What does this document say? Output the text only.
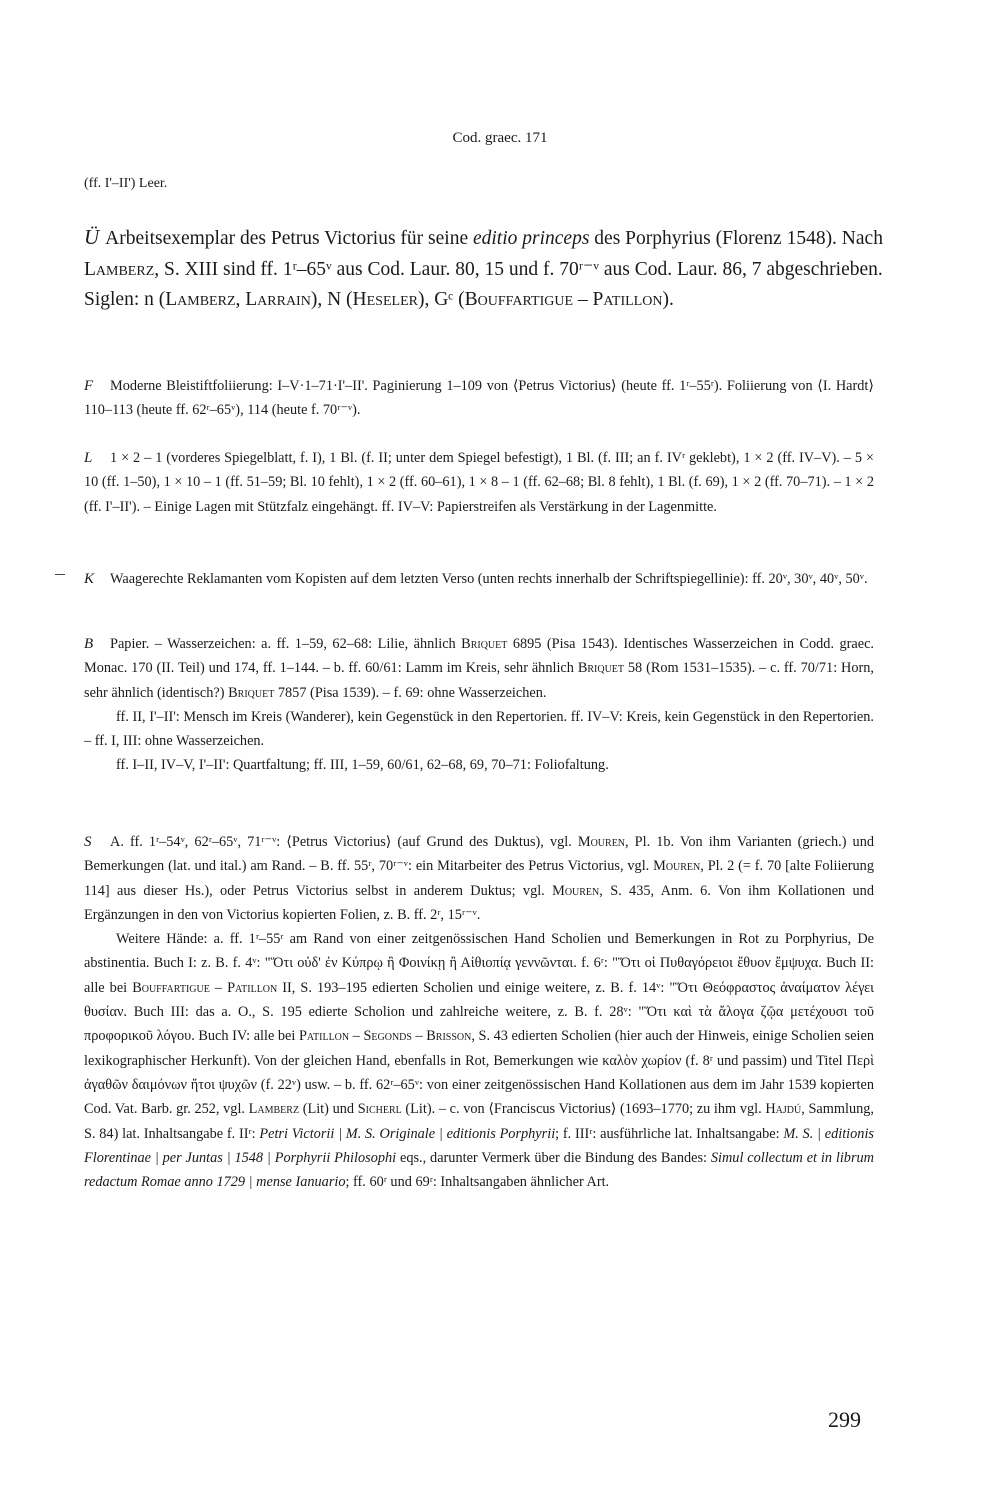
Cod. graec. 171
(ff. I'–II') Leer.

Ü Arbeitsexemplar des Petrus Victorius für seine editio princeps des Porphyrius (Florenz 1548). Nach Lamberz, S. XIII sind ff. 1ʳ–65ᵛ aus Cod. Laur. 80, 15 und f. 70ʳ⁻ᵛ aus Cod. Laur. 86, 7 abgeschrieben.

Siglen: n (Lamberz, Larrain), N (Heseler), Gᶜ (Bouffartigue – Patillon).

F Moderne Bleistiftfoliierung: I–V·1–71·I'–II'. Paginierung 1–109 von ⟨Petrus Victorius⟩ (heute ff. 1ʳ–55ʳ). Foliierung von ⟨I. Hardt⟩ 110–113 (heute ff. 62ʳ–65ᵛ), 114 (heute f. 70ʳ⁻ᵛ).

L 1 × 2 – 1 (vorderes Spiegelblatt, f. I), 1 Bl. (f. II; unter dem Spiegel befestigt), 1 Bl. (f. III; an f. IVʳ geklebt), 1 × 2 (ff. IV–V). – 5 × 10 (ff. 1–50), 1 × 10 – 1 (ff. 51–59; Bl. 10 fehlt), 1 × 2 (ff. 60–61), 1 × 8 – 1 (ff. 62–68; Bl. 8 fehlt), 1 Bl. (f. 69), 1 × 2 (ff. 70–71). – 1 × 2 (ff. I'–II'). – Einige Lagen mit Stützfalz eingehängt. ff. IV–V: Papierstreifen als Verstärkung in der Lagenmitte.

K Waagerechte Reklamanten vom Kopisten auf dem letzten Verso (unten rechts innerhalb der Schriftspiegellinie): ff. 20ᵛ, 30ᵛ, 40ᵛ, 50ᵛ.

B Papier. – Wasserzeichen: a. ff. 1–59, 62–68: Lilie, ähnlich Briquet 6895 (Pisa 1543). Identisches Wasserzeichen in Codd. graec. Monac. 170 (II. Teil) und 174, ff. 1–144. – b. ff. 60/61: Lamm im Kreis, sehr ähnlich Briquet 58 (Rom 1531–1535). – c. ff. 70/71: Horn, sehr ähnlich (identisch?) Briquet 7857 (Pisa 1539). – f. 69: ohne Wasserzeichen.

ff. II, I'–II': Mensch im Kreis (Wanderer), kein Gegenstück in den Repertorien. ff. IV–V: Kreis, kein Gegenstück in den Repertorien. – ff. I, III: ohne Wasserzeichen.

ff. I–II, IV–V, I'–II': Quartfaltung; ff. III, 1–59, 60/61, 62–68, 69, 70–71: Foliofaltung.

S A. ff. 1ʳ–54ᵛ, 62ʳ–65ᵛ, 71ʳ⁻ᵛ: ⟨Petrus Victorius⟩ (auf Grund des Duktus), vgl. Mouren, Pl. 1b. Von ihm Varianten (griech.) und Bemerkungen (lat. und ital.) am Rand. – B. ff. 55ʳ, 70ʳ⁻ᵛ: ein Mitarbeiter des Petrus Victorius, vgl. Mouren, Pl. 2 (= f. 70 [alte Foliierung 114] aus dieser Hs.), oder Petrus Victorius selbst in anderem Duktus; vgl. Mouren, S. 435, Anm. 6. Von ihm Kollationen und Ergänzungen in den von Victorius kopierten Folien, z. B. ff. 2ʳ, 15ʳ⁻ᵛ.

Weitere Hände: a. ff. 1ʳ–55ʳ am Rand von einer zeitgenössischen Hand Scholien und Bemerkungen in Rot zu Porphyrius, De abstinentia. Buch I: z. B. f. 4ᵛ: "Ὅτι οὐδ' ἐν Κύπρῳ ἢ Φοινίκῃ ἢ Αἰθιοπίᾳ γεννῶνται. f. 6ʳ: "Ὅτι οἱ Πυθαγόρειοι ἔθυον ἔμψυχα. Buch II: alle bei Bouffartigue – Patillon II, S. 193–195 edierten Scholien und einige weitere, z. B. f. 14ᵛ: "Ὅτι Θεόφραστος ἀναίματον λέγει θυσίαν. Buch III: das a. O., S. 195 edierte Scholion und zahlreiche weitere, z. B. f. 28ᵛ: "Ὅτι καὶ τὰ ἄλογα ζῷα μετέχουσι τοῦ προφορικοῦ λόγου. Buch IV: alle bei Patillon – Segonds – Brisson, S. 43 edierten Scholien (hier auch der Hinweis, einige Scholien seien lexikographischer Herkunft). Von der gleichen Hand, ebenfalls in Rot, Bemerkungen wie καλὸν χωρίον (f. 8ʳ und passim) und Titel Περὶ ἀγαθῶν δαιμόνων ἤτοι ψυχῶν (f. 22ᵛ) usw. – b. ff. 62ʳ–65ᵛ: von einer zeitgenössischen Hand Kollationen aus dem im Jahr 1539 kopierten Cod. Vat. Barb. gr. 252, vgl. Lamberz (Lit) und Sicherl (Lit). – c. von ⟨Franciscus Victorius⟩ (1693–1770; zu ihm vgl. Hajdú, Sammlung, S. 84) lat. Inhaltsangabe f. IIʳ: Petri Victorii | M. S. Originale | editionis Porphyrii; f. IIIʳ: ausführliche lat. Inhaltsangabe: M. S. | editionis Florentinae | per Juntas | 1548 | Porphyrii Philosophi eqs., darunter Vermerk über die Bindung des Bandes: Simul collectum et in librum redactum Romae anno 1729 | mense Ianuario; ff. 60ʳ und 69ʳ: Inhaltsangaben ähnlicher Art.

299
